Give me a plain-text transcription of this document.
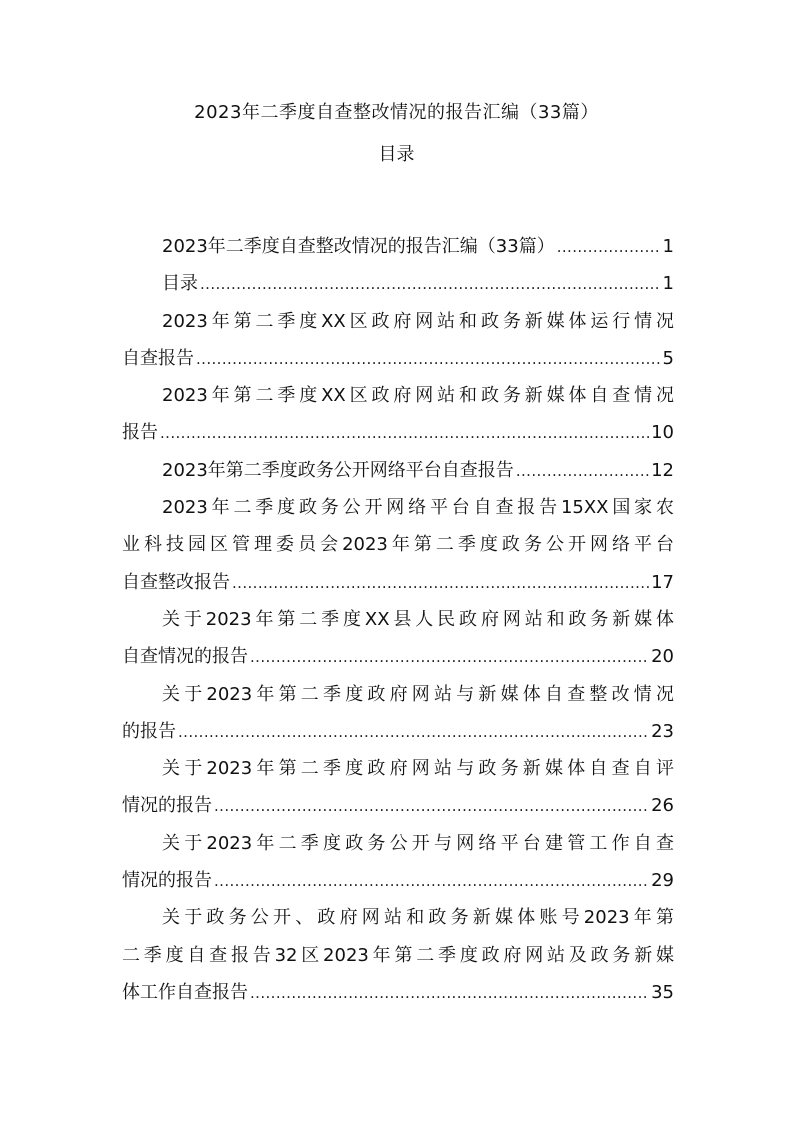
2023年二季度自查整改情况的报告汇编（33篇）
目录
2023年二季度自查整改情况的报告汇编（33篇） .....	1
目录 .....	1
2023年第二季度XX区政府网站和政务新媒体运行情况
自查报告 .....	5
2023年第二季度XX区政府网站和政务新媒体自查情况
报告 .....	10
2023年第二季度政务公开网络平台自查报告 .....	12
2023年二季度政务公开网络平台自查报告15XX国家农
业科技园区管理委员会2023年第二季度政务公开网络平台
自查整改报告 .....	17
关于2023年第二季度XX县人民政府网站和政务新媒体
自查情况的报告 .....	20
关于2023年第二季度政府网站与新媒体自查整改情况
的报告 .....	23
关于2023年第二季度政府网站与政务新媒体自查自评
情况的报告 .....	26
关于2023年二季度政务公开与网络平台建管工作自查
情况的报告 .....	29
关于政务公开、政府网站和政务新媒体账号2023年第
二季度自查报告32区2023年第二季度政府网站及政务新媒
体工作自查报告 .....	35
